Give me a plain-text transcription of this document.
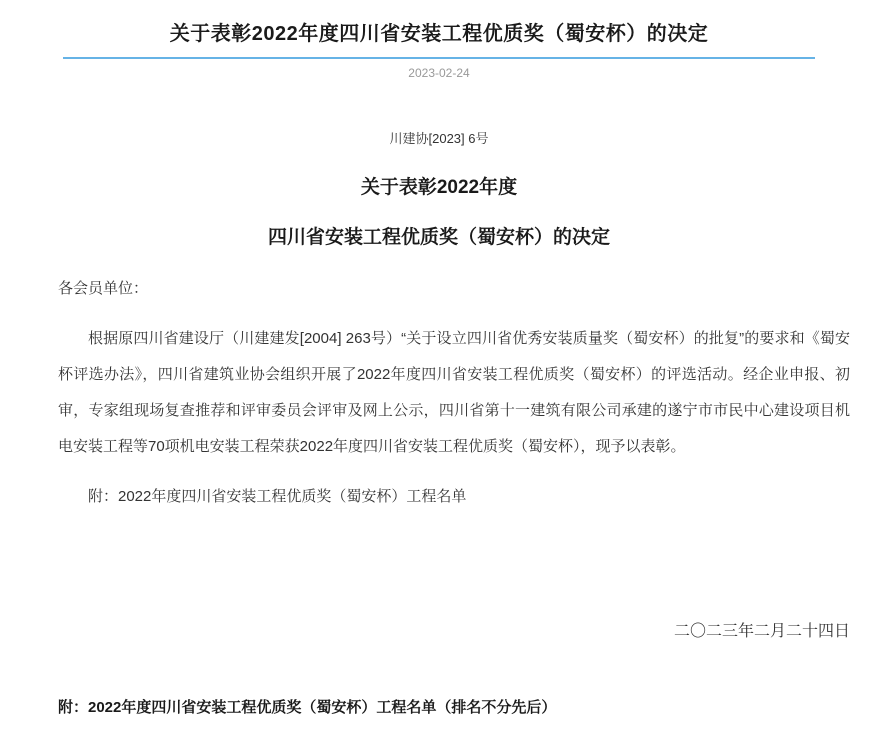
关于表彰2022年度四川省安装工程优质奖（蜀安杯）的决定
2023-02-24
川建协[2023] 6号
关于表彰2022年度
四川省安装工程优质奖（蜀安杯）的决定

各会员单位：

根据原四川省建设厅（川建建发[2004] 263号）“关于设立四川省优秀安装质量奖（蜀安杯）的批复”的要求和《蜀安杯评选办法》，四川省建筑业协会组织开展了2022年度四川省安装工程优质奖（蜀安杯）的评选活动。经企业申报、初审，专家组现场复查推荐和评审委员会评审及网上公示，四川省第十一建筑有限公司承建的遂宁市市民中心建设项目机电安装工程等70项机电安装工程荣获2022年度四川省安装工程优质奖（蜀安杯），现予以表彰。

附：2022年度四川省安装工程优质奖（蜀安杯）工程名单

二〇二三年二月二十四日

附：2022年度四川省安装工程优质奖（蜀安杯）工程名单（排名不分先后）
